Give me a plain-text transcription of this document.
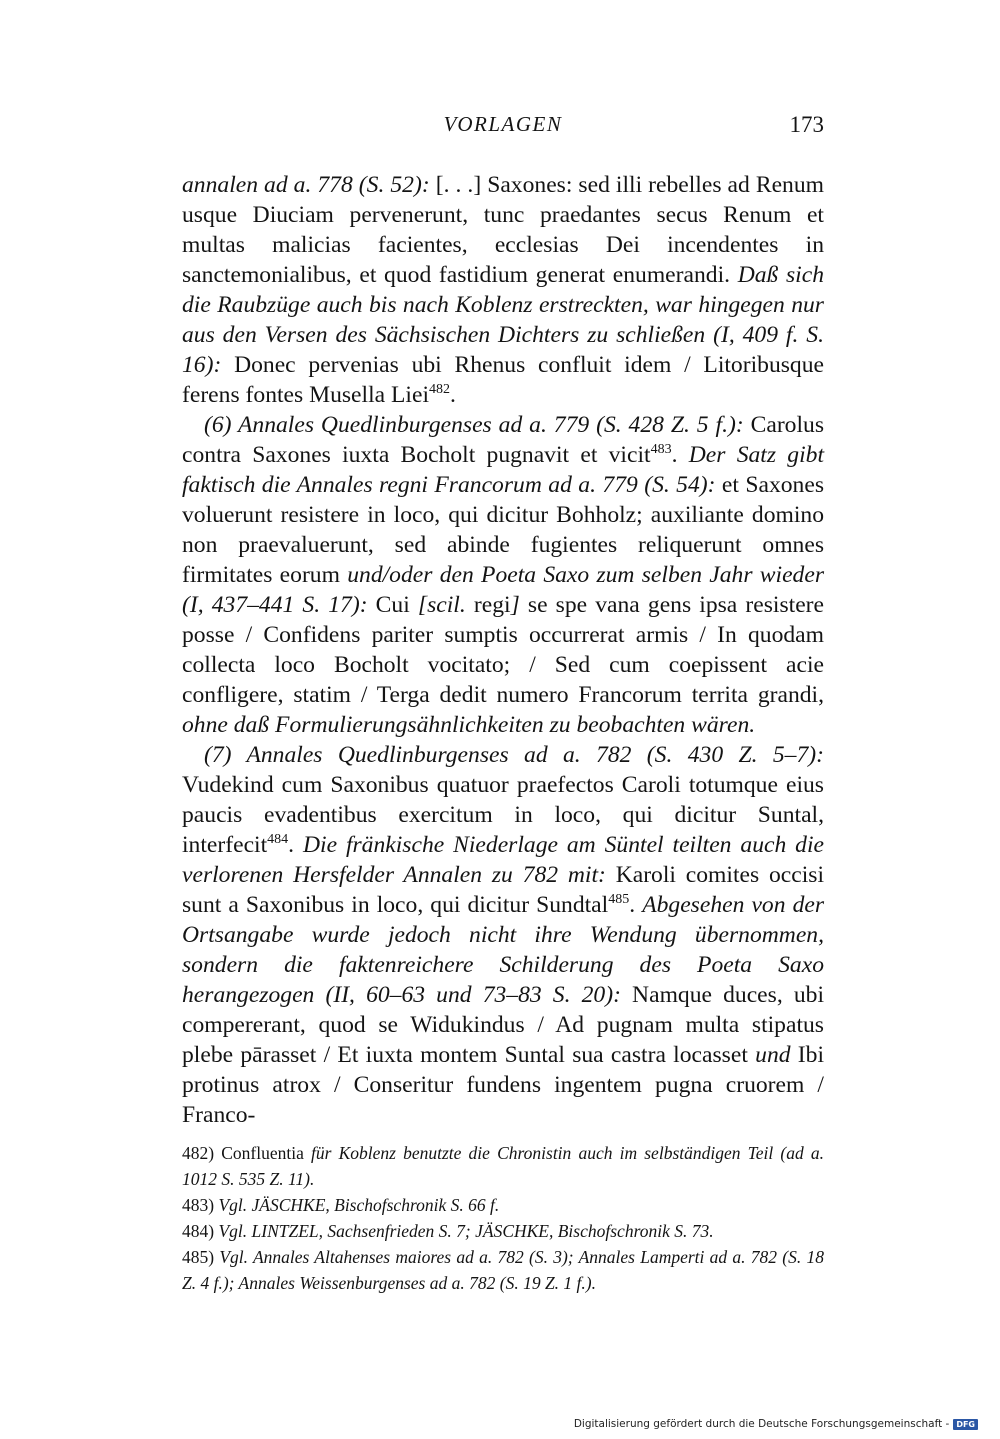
VORLAGEN	173

annalen ad a. 778 (S. 52): [. . .] Saxones: sed illi rebelles ad Renum usque Diuciam pervenerunt, tunc praedantes secus Renum et multas malicias facientes, ecclesias Dei incendentes in sanctemonialibus, et quod fastidium generat enumerandi. Daß sich die Raubzüge auch bis nach Koblenz erstreckten, war hingegen nur aus den Versen des Sächsischen Dichters zu schließen (I, 409 f. S. 16): Donec pervenias ubi Rhenus confluit idem / Litoribusque ferens fontes Musella Liei$^{482}$.

(6) Annales Quedlinburgenses ad a. 779 (S. 428 Z. 5 f.): Carolus contra Saxones iuxta Bocholt pugnavit et vicit$^{483}$. Der Satz gibt faktisch die Annales regni Francorum ad a. 779 (S. 54): et Saxones voluerunt resistere in loco, qui dicitur Bohholz; auxiliante domino non praevaluerunt, sed abinde fugientes reliquerunt omnes firmitates eorum und/oder den Poeta Saxo zum selben Jahr wieder (I, 437–441 S. 17): Cui [scil. regi] se spe vana gens ipsa resistere posse / Confidens pariter sumptis occurrerat armis / In quodam collecta loco Bocholt vocitato; / Sed cum coepissent acie confligere, statim / Terga dedit numero Francorum territa grandi, ohne daß Formulierungsähnlichkeiten zu beobachten wären.

(7) Annales Quedlinburgenses ad a. 782 (S. 430 Z. 5–7): Vudekind cum Saxonibus quatuor praefectos Caroli totumque eius paucis evadentibus exercitum in loco, qui dicitur Suntal, interfecit$^{484}$. Die fränkische Niederlage am Süntel teilten auch die verlorenen Hersfelder Annalen zu 782 mit: Karoli comites occisi sunt a Saxonibus in loco, qui dicitur Sundtal$^{485}$. Abgesehen von der Ortsangabe wurde jedoch nicht ihre Wendung übernommen, sondern die faktenreichere Schilderung des Poeta Saxo herangezogen (II, 60–63 und 73–83 S. 20): Namque duces, ubi compererant, quod se Widukindus / Ad pugnam multa stipatus plebe pārasset / Et iuxta montem Suntal sua castra locasset und Ibi protinus atrox / Conseritur fundens ingentem pugna cruorem / Franco-

482) Confluentia für Koblenz benutzte die Chronistin auch im selbständigen Teil (ad a. 1012 S. 535 Z. 11).

483) Vgl. JÄSCHKE, Bischofschronik S. 66 f.

484) Vgl. LINTZEL, Sachsenfrieden S. 7; JÄSCHKE, Bischofschronik S. 73.

485) Vgl. Annales Altahenses maiores ad a. 782 (S. 3); Annales Lamperti ad a. 782 (S. 18 Z. 4 f.); Annales Weissenburgenses ad a. 782 (S. 19 Z. 1 f.).

Digitalisierung gefördert durch die Deutsche Forschungsgemeinschaft - DFG
